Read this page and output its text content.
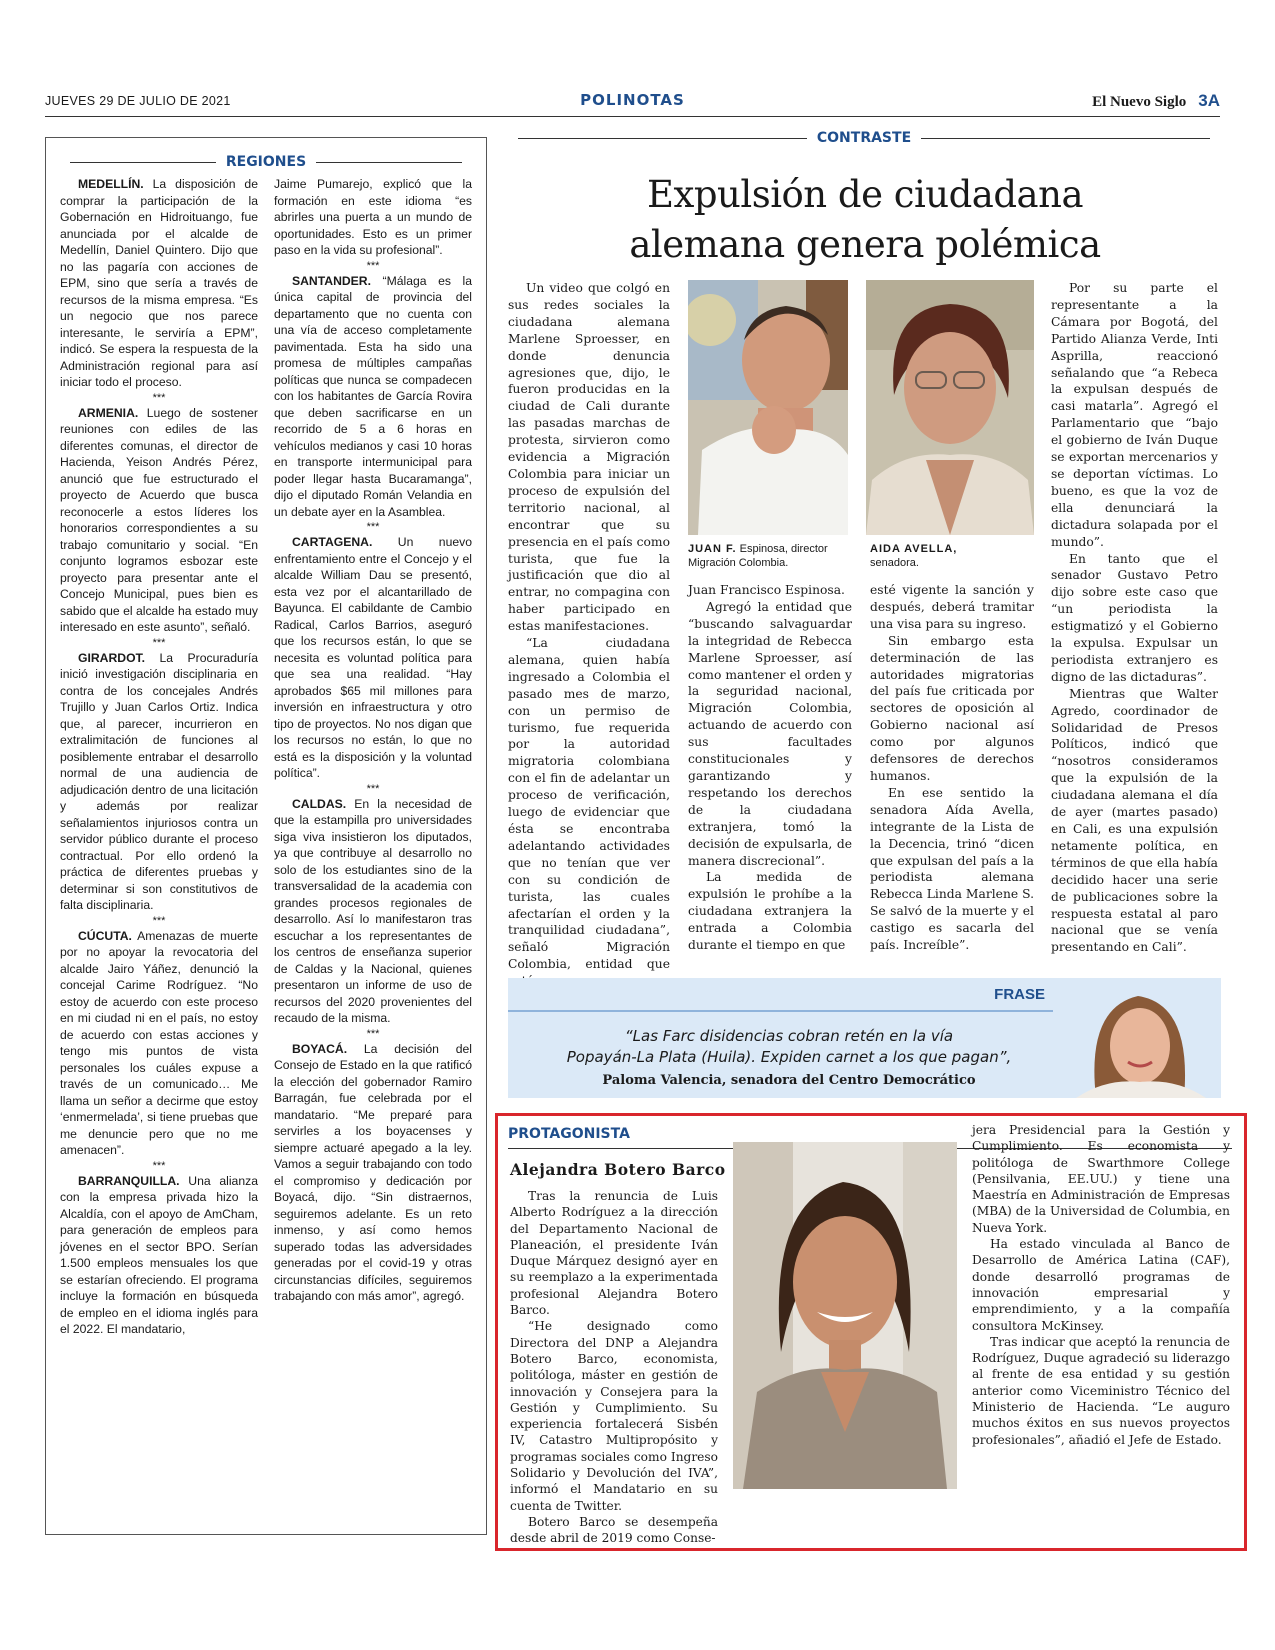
JUEVES 29 DE JULIO DE 2021	POLINOTAS	El Nuevo Siglo 3A
REGIONES

MEDELLÍN. La disposición de comprar la participación de la Gobernación en Hidroituango, fue anunciada por el alcalde de Medellín, Daniel Quintero. Dijo que no las pagaría con acciones de EPM, sino que sería a través de recursos de la misma empresa. “Es un negocio que nos parece interesante, le serviría a EPM”, indicó. Se espera la respuesta de la Administración regional para así iniciar todo el proceso.

***

ARMENIA. Luego de sostener reuniones con ediles de las diferentes comunas, el director de Hacienda, Yeison Andrés Pérez, anunció que fue estructurado el proyecto de Acuerdo que busca reconocerle a estos líderes los honorarios correspondientes a su trabajo comunitario y social. “En conjunto logramos esbozar este proyecto para presentar ante el Concejo Municipal, pues bien es sabido que el alcalde ha estado muy interesado en este asunto”, señaló.

***

GIRARDOT. La Procuraduría inició investigación disciplinaria en contra de los concejales Andrés Trujillo y Juan Carlos Ortiz. Indica que, al parecer, incurrieron en extralimitación de funciones al posiblemente entrabar el desarrollo normal de una audiencia de adjudicación dentro de una licitación y además por realizar señalamientos injuriosos contra un servidor público durante el proceso contractual. Por ello ordenó la práctica de diferentes pruebas y determinar si son constitutivos de falta disciplinaria.

***

CÚCUTA. Amenazas de muerte por no apoyar la revocatoria del alcalde Jairo Yáñez, denunció la concejal Carime Rodríguez. “No estoy de acuerdo con este proceso en mi ciudad ni en el país, no estoy de acuerdo con estas acciones y tengo mis puntos de vista personales los cuáles expuse a través de un comunicado… Me llama un señor a decirme que estoy ‘enmermelada’, si tiene pruebas que me denuncie pero que no me amenacen”.

***

BARRANQUILLA. Una alianza con la empresa privada hizo la Alcaldía, con el apoyo de AmCham, para generación de empleos para jóvenes en el sector BPO. Serían 1.500 empleos mensuales los que se estarían ofreciendo. El programa incluye la formación en búsqueda de empleo en el idioma inglés para el 2022. El mandatario,

Jaime Pumarejo, explicó que la formación en este idioma “es abrirles una puerta a un mundo de oportunidades. Esto es un primer paso en la vida su profesional”.

***

SANTANDER. “Málaga es la única capital de provincia del departamento que no cuenta con una vía de acceso completamente pavimentada. Esta ha sido una promesa de múltiples campañas políticas que nunca se compadecen con los habitantes de García Rovira que deben sacrificarse en un recorrido de 5 a 6 horas en vehículos medianos y casi 10 horas en transporte intermunicipal para poder llegar hasta Bucaramanga”, dijo el diputado Román Velandia en un debate ayer en la Asamblea.

***

CARTAGENA. Un nuevo enfrentamiento entre el Concejo y el alcalde William Dau se presentó, esta vez por el alcantarillado de Bayunca. El cabildante de Cambio Radical, Carlos Barrios, aseguró que los recursos están, lo que se necesita es voluntad política para que sea una realidad. “Hay aprobados $65 mil millones para inversión en infraestructura y otro tipo de proyectos. No nos digan que los recursos no están, lo que no está es la disposición y la voluntad política”.

***

CALDAS. En la necesidad de que la estampilla pro universidades siga viva insistieron los diputados, ya que contribuye al desarrollo no solo de los estudiantes sino de la transversalidad de la academia con grandes procesos regionales de desarrollo. Así lo manifestaron tras escuchar a los representantes de los centros de enseñanza superior de Caldas y la Nacional, quienes presentaron un informe de uso de recursos del 2020 provenientes del recaudo de la misma.

***

BOYACÁ. La decisión del Consejo de Estado en la que ratificó la elección del gobernador Ramiro Barragán, fue celebrada por el mandatario. “Me preparé para servirles a los boyacenses y siempre actuaré apegado a la ley. Vamos a seguir trabajando con todo el compromiso y dedicación por Boyacá, dijo. “Sin distraernos, seguiremos adelante. Es un reto inmenso, y así como hemos superado todas las adversidades generadas por el covid-19 y otras circunstancias difíciles, seguiremos trabajando con más amor”, agregó.

CONTRASTE
Expulsión de ciudadana
alemana genera polémica

Un video que colgó en sus redes sociales la ciudadana alemana Marlene Sproesser, en donde denuncia agresiones que, dijo, le fueron producidas en la ciudad de Cali durante las pasadas marchas de protesta, sirvieron como evidencia a Migración Colombia para iniciar un proceso de expulsión del territorio nacional, al encontrar que su presencia en el país como turista, que fue la justificación que dio al entrar, no compagina con haber participado en estas manifestaciones.

“La ciudadana alemana, quien había ingresado a Colombia el pasado mes de marzo, con un permiso de turismo, fue requerida por la autoridad migratoria colombiana con el fin de adelantar un proceso de verificación, luego de evidenciar que ésta se encontraba adelantando actividades que no tenían que ver con su condición de turista, las cuales afectarían el orden y la tranquilidad ciudadana”, señaló Migración Colombia, entidad que

JUAN F. Espinosa, director Migración Colombia.
AIDA AVELLA,
senadora.

Juan Francisco Espinosa.

Agregó la entidad que “buscando salvaguardar la integridad de Rebecca Marlene Sproesser, así como mantener el orden y la seguridad nacional, Migración Colombia, actuando de acuerdo con sus facultades constitucionales y garantizando y respetando los derechos de la ciudadana extranjera, tomó la decisión de expulsarla, de manera discrecional”.

La medida de expulsión le prohíbe a la ciudadana extranjera la entrada a Colombia durante el tiempo en que

esté vigente la sanción y después, deberá tramitar una visa para su ingreso.

Sin embargo esta determinación de las autoridades migratorias del país fue criticada por sectores de oposición al Gobierno nacional así como por algunos defensores de derechos humanos.

En ese sentido la senadora Aída Avella, integrante de la Lista de la Decencia, trinó “dicen que expulsan del país a la periodista alemana Rebecca Linda Marlene S. Se salvó de la muerte y el castigo es sacarla del país. Increíble”.

Por su parte el representante a la Cámara por Bogotá, del Partido Alianza Verde, Inti Asprilla, reaccionó señalando que “a Rebeca la expulsan después de casi matarla”. Agregó el Parlamentario que “bajo el gobierno de Iván Duque se exportan mercenarios y se deportan víctimas. Lo bueno, es que la voz de ella denunciará la dictadura solapada por el mundo”.

En tanto que el senador Gustavo Petro dijo sobre este caso que “un periodista la estigmatizó y el Gobierno la expulsa. Expulsar un periodista extranjero es digno de las dictaduras”.

Mientras que Walter Agredo, coordinador de Solidaridad de Presos Políticos, indicó que “nosotros consideramos que la expulsión de la ciudadana alemana el día de ayer (martes pasado) en Cali, es una expulsión netamente política, en términos de que ella había decidido hacer una serie de publicaciones sobre la respuesta estatal al paro nacional que se venía presentando en Cali”.

FRASE
“Las Farc disidencias cobran retén en la vía
Popayán-La Plata (Huila). Expiden carnet a los que pagan”,
Paloma Valencia, senadora del Centro Democrático
PROTAGONISTA
Alejandra Botero Barco

Tras la renuncia de Luis Alberto Rodríguez a la dirección del Departamento Nacional de Planeación, el presidente Iván Duque Márquez designó ayer en su reemplazo a la experimentada profesional Alejandra Botero Barco.

“He designado como Directora del DNP a Alejandra Botero Barco, economista, politóloga, máster en gestión de innovación y Consejera para la Gestión y Cumplimiento. Su experiencia fortalecerá Sisbén IV, Catastro Multipropósito y programas sociales como Ingreso Solidario y Devolución del IVA”, informó el Mandatario en su cuenta de Twitter.

Botero Barco se desempeña desde abril de 2019 como Conse-

jera Presidencial para la Gestión y Cumplimiento. Es economista y politóloga de Swarthmore College (Pensilvania, EE.UU.) y tiene una Maestría en Administración de Empresas (MBA) de la Universidad de Columbia, en Nueva York.

Ha estado vinculada al Banco de Desarrollo de América Latina (CAF), donde desarrolló programas de innovación empresarial y emprendimiento, y a la compañía consultora McKinsey.

Tras indicar que aceptó la renuncia de Rodríguez, Duque agradeció su liderazgo al frente de esa entidad y su gestión anterior como Viceministro Técnico del Ministerio de Hacienda. “Le auguro muchos éxitos en sus nuevos proyectos profesionales”, añadió el Jefe de Estado.
